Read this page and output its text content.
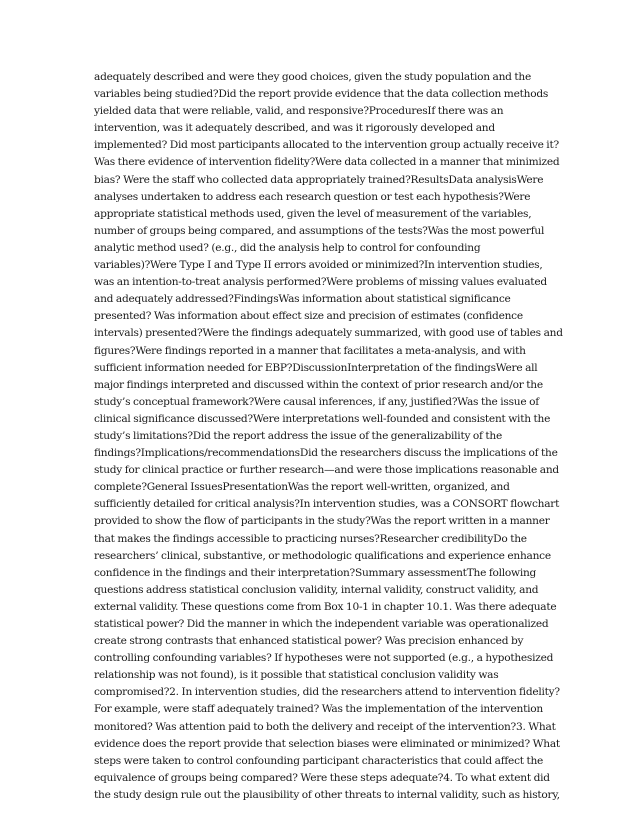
adequately described and were they good choices, given the study population and the
variables being studied?Did the report provide evidence that the data collection methods
yielded data that were reliable, valid, and responsive?ProceduresIf there was an
intervention, was it adequately described, and was it rigorously developed and
implemented? Did most participants allocated to the intervention group actually receive it?
Was there evidence of intervention fidelity?Were data collected in a manner that minimized
bias? Were the staff who collected data appropriately trained?ResultsData analysisWere
analyses undertaken to address each research question or test each hypothesis?Were
appropriate statistical methods used, given the level of measurement of the variables,
number of groups being compared, and assumptions of the tests?Was the most powerful
analytic method used? (e.g., did the analysis help to control for confounding
variables)?Were Type I and Type II errors avoided or minimized?In intervention studies,
was an intention-to-treat analysis performed?Were problems of missing values evaluated
and adequately addressed?FindingsWas information about statistical significance
presented? Was information about effect size and precision of estimates (confidence
intervals) presented?Were the findings adequately summarized, with good use of tables and
figures?Were findings reported in a manner that facilitates a meta-analysis, and with
sufficient information needed for EBP?DiscussionInterpretation of the findingsWere all
major findings interpreted and discussed within the context of prior research and/or the
study’s conceptual framework?Were causal inferences, if any, justified?Was the issue of
clinical significance discussed?Were interpretations well-founded and consistent with the
study’s limitations?Did the report address the issue of the generalizability of the
findings?Implications/recommendationsDid the researchers discuss the implications of the
study for clinical practice or further research—and were those implications reasonable and
complete?General IssuesPresentationWas the report well-written, organized, and
sufficiently detailed for critical analysis?In intervention studies, was a CONSORT flowchart
provided to show the flow of participants in the study?Was the report written in a manner
that makes the findings accessible to practicing nurses?Researcher credibilityDo the
researchers’ clinical, substantive, or methodologic qualifications and experience enhance
confidence in the findings and their interpretation?Summary assessmentThe following
questions address statistical conclusion validity, internal validity, construct validity, and
external validity. These questions come from Box 10-1 in chapter 10.1. Was there adequate
statistical power? Did the manner in which the independent variable was operationalized
create strong contrasts that enhanced statistical power? Was precision enhanced by
controlling confounding variables? If hypotheses were not supported (e.g., a hypothesized
relationship was not found), is it possible that statistical conclusion validity was
compromised?2. In intervention studies, did the researchers attend to intervention fidelity?
For example, were staff adequately trained? Was the implementation of the intervention
monitored? Was attention paid to both the delivery and receipt of the intervention?3. What
evidence does the report provide that selection biases were eliminated or minimized? What
steps were taken to control confounding participant characteristics that could affect the
equivalence of groups being compared? Were these steps adequate?4. To what extent did
the study design rule out the plausibility of other threats to internal validity, such as history,
